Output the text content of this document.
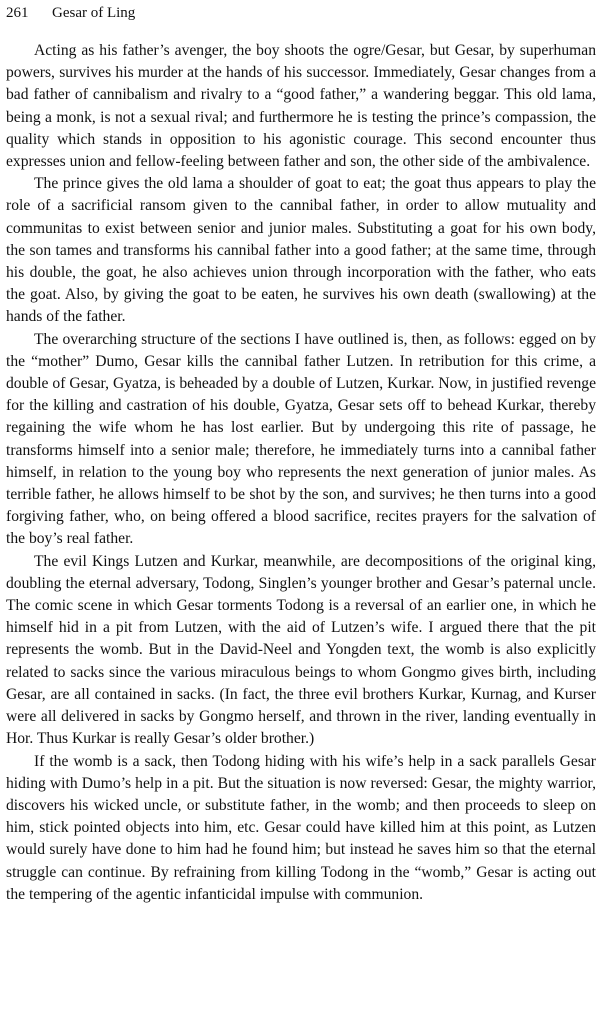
261 Gesar of Ling

Acting as his father’s avenger, the boy shoots the ogre/Gesar, but Gesar, by superhuman powers, survives his murder at the hands of his successor. Immediately, Gesar changes from a bad father of cannibalism and rivalry to a “good father,” a wandering beggar. This old lama, being a monk, is not a sexual rival; and furthermore he is testing the prince’s compassion, the quality which stands in opposition to his agonistic courage. This second encounter thus expresses union and fellow-feeling between father and son, the other side of the ambivalence.

The prince gives the old lama a shoulder of goat to eat; the goat thus appears to play the role of a sacrificial ransom given to the cannibal father, in order to allow mutuality and communitas to exist between senior and junior males. Substituting a goat for his own body, the son tames and transforms his cannibal father into a good father; at the same time, through his double, the goat, he also achieves union through incorporation with the father, who eats the goat. Also, by giving the goat to be eaten, he survives his own death (swallowing) at the hands of the father.

The overarching structure of the sections I have outlined is, then, as follows: egged on by the “mother” Dumo, Gesar kills the cannibal father Lutzen. In retribution for this crime, a double of Gesar, Gyatza, is beheaded by a double of Lutzen, Kurkar. Now, in justified revenge for the killing and castration of his double, Gyatza, Gesar sets off to behead Kurkar, thereby regaining the wife whom he has lost earlier. But by undergoing this rite of passage, he transforms himself into a senior male; therefore, he immediately turns into a cannibal father himself, in relation to the young boy who represents the next generation of junior males. As terrible father, he allows himself to be shot by the son, and survives; he then turns into a good forgiving father, who, on being offered a blood sacrifice, recites prayers for the salvation of the boy’s real father.

The evil Kings Lutzen and Kurkar, meanwhile, are decompositions of the original king, doubling the eternal adversary, Todong, Singlen’s younger brother and Gesar’s paternal uncle. The comic scene in which Gesar torments Todong is a reversal of an earlier one, in which he himself hid in a pit from Lutzen, with the aid of Lutzen’s wife. I argued there that the pit represents the womb. But in the David-Neel and Yongden text, the womb is also explicitly related to sacks since the various miraculous beings to whom Gongmo gives birth, including Gesar, are all contained in sacks. (In fact, the three evil brothers Kurkar, Kurnag, and Kurser were all delivered in sacks by Gongmo herself, and thrown in the river, landing eventually in Hor. Thus Kurkar is really Gesar’s older brother.)

If the womb is a sack, then Todong hiding with his wife’s help in a sack parallels Gesar hiding with Dumo’s help in a pit. But the situation is now reversed: Gesar, the mighty warrior, discovers his wicked uncle, or substitute father, in the womb; and then proceeds to sleep on him, stick pointed objects into him, etc. Gesar could have killed him at this point, as Lutzen would surely have done to him had he found him; but instead he saves him so that the eternal struggle can continue. By refraining from killing Todong in the “womb,” Gesar is acting out the tempering of the agentic infanticidal impulse with communion.
